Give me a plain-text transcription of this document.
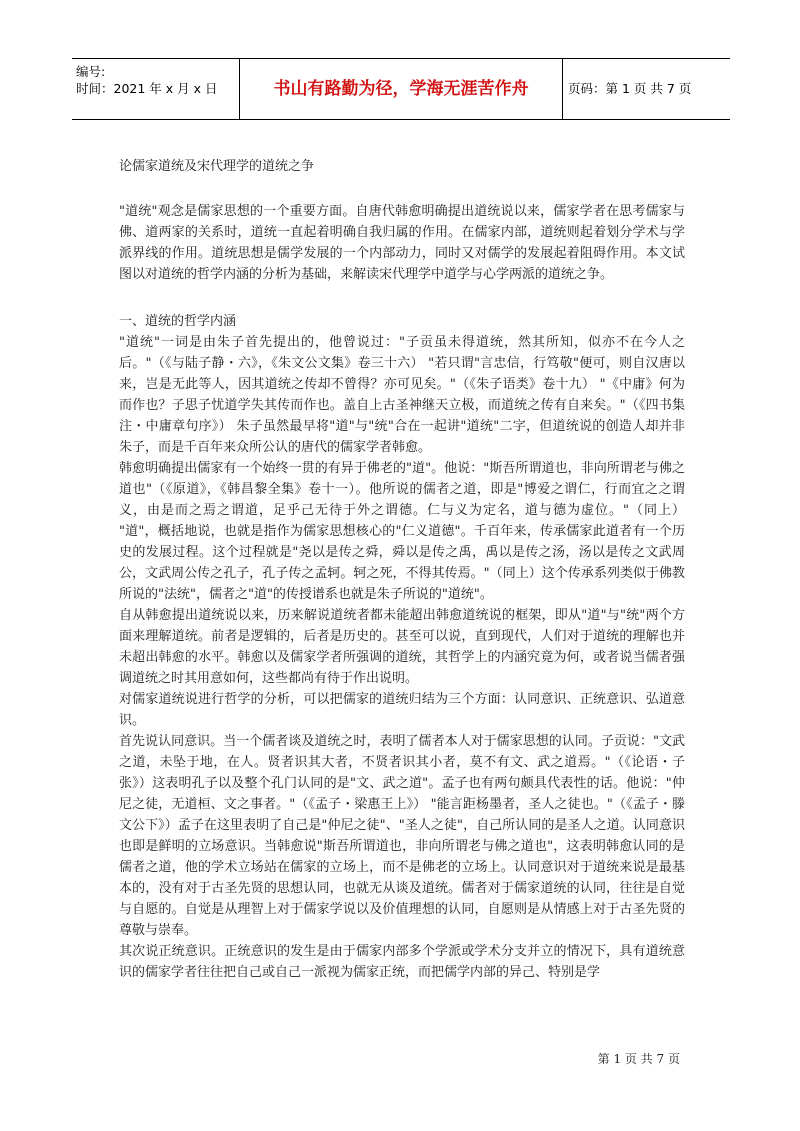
编号:
时间：2021 年 x 月 x 日	书山有路勤为径，学海无涯苦作舟	页码：第 1 页 共 7 页

论儒家道统及宋代理学的道统之争

"道统"观念是儒家思想的一个重要方面。自唐代韩愈明确提出道统说以来，儒家学者在思考儒家与佛、道两家的关系时，道统一直起着明确自我归属的作用。在儒家内部，道统则起着划分学术与学派界线的作用。道统思想是儒学发展的一个内部动力，同时又对儒学的发展起着阻碍作用。本文试图以对道统的哲学内涵的分析为基础，来解读宋代理学中道学与心学两派的道统之争。

一、道统的哲学内涵

"道统"一词是由朱子首先提出的，他曾说过："子贡虽未得道统，然其所知，似亦不在今人之后。"（《与陆子静・六》，《朱文公文集》卷三十六） "若只谓"言忠信，行笃敬"便可，则自汉唐以来，岂是无此等人，因其道统之传却不曾得？亦可见矣。"（《朱子语类》卷十九） "《中庸》何为而作也？子思子忧道学失其传而作也。盖自上古圣神继天立极，而道统之传有自来矣。"（《四书集注・中庸章句序》） 朱子虽然最早将"道"与"统"合在一起讲"道统"二字，但道统说的创造人却并非朱子，而是千百年来众所公认的唐代的儒家学者韩愈。

韩愈明确提出儒家有一个始终一贯的有异于佛老的"道"。他说："斯吾所谓道也，非向所谓老与佛之道也"（《原道》，《韩昌黎全集》卷十一）。他所说的儒者之道，即是"博爱之谓仁，行而宜之之谓义，由是而之焉之谓道，足乎己无待于外之谓德。仁与义为定名，道与德为虚位。"（同上） "道"，概括地说，也就是指作为儒家思想核心的"仁义道德"。千百年来，传承儒家此道者有一个历史的发展过程。这个过程就是"尧以是传之舜，舜以是传之禹，禹以是传之汤，汤以是传之文武周公，文武周公传之孔子，孔子传之孟轲。轲之死，不得其传焉。"（同上）这个传承系列类似于佛教所说的"法统"，儒者之"道"的传授谱系也就是朱子所说的"道统"。

自从韩愈提出道统说以来，历来解说道统者都未能超出韩愈道统说的框架，即从"道"与"统"两个方面来理解道统。前者是逻辑的，后者是历史的。甚至可以说，直到现代，人们对于道统的理解也并未超出韩愈的水平。韩愈以及儒家学者所强调的道统，其哲学上的内涵究竟为何，或者说当儒者强调道统之时其用意如何，这些都尚有待于作出说明。

对儒家道统说进行哲学的分析，可以把儒家的道统归结为三个方面：认同意识、正统意识、弘道意识。

首先说认同意识。当一个儒者谈及道统之时，表明了儒者本人对于儒家思想的认同。子贡说："文武之道，未坠于地，在人。贤者识其大者，不贤者识其小者，莫不有文、武之道焉。"（《论语・子张》）这表明孔子以及整个孔门认同的是"文、武之道"。孟子也有两句颇具代表性的话。他说："仲尼之徒，无道桓、文之事者。"（《孟子・梁惠王上》） "能言距杨墨者，圣人之徒也。"（《孟子・滕文公下》）孟子在这里表明了自己是"仲尼之徒"、"圣人之徒"，自己所认同的是圣人之道。认同意识也即是鲜明的立场意识。当韩愈说"斯吾所谓道也，非向所谓老与佛之道也"，这表明韩愈认同的是儒者之道，他的学术立场站在儒家的立场上，而不是佛老的立场上。认同意识对于道统来说是最基本的，没有对于古圣先贤的思想认同，也就无从谈及道统。儒者对于儒家道统的认同，往往是自觉与自愿的。自觉是从理智上对于儒家学说以及价值理想的认同，自愿则是从情感上对于古圣先贤的尊敬与崇奉。

其次说正统意识。正统意识的发生是由于儒家内部多个学派或学术分支并立的情况下，具有道统意识的儒家学者往往把自己或自己一派视为儒家正统，而把儒学内部的异己、特别是学

第 1 页 共 7 页
